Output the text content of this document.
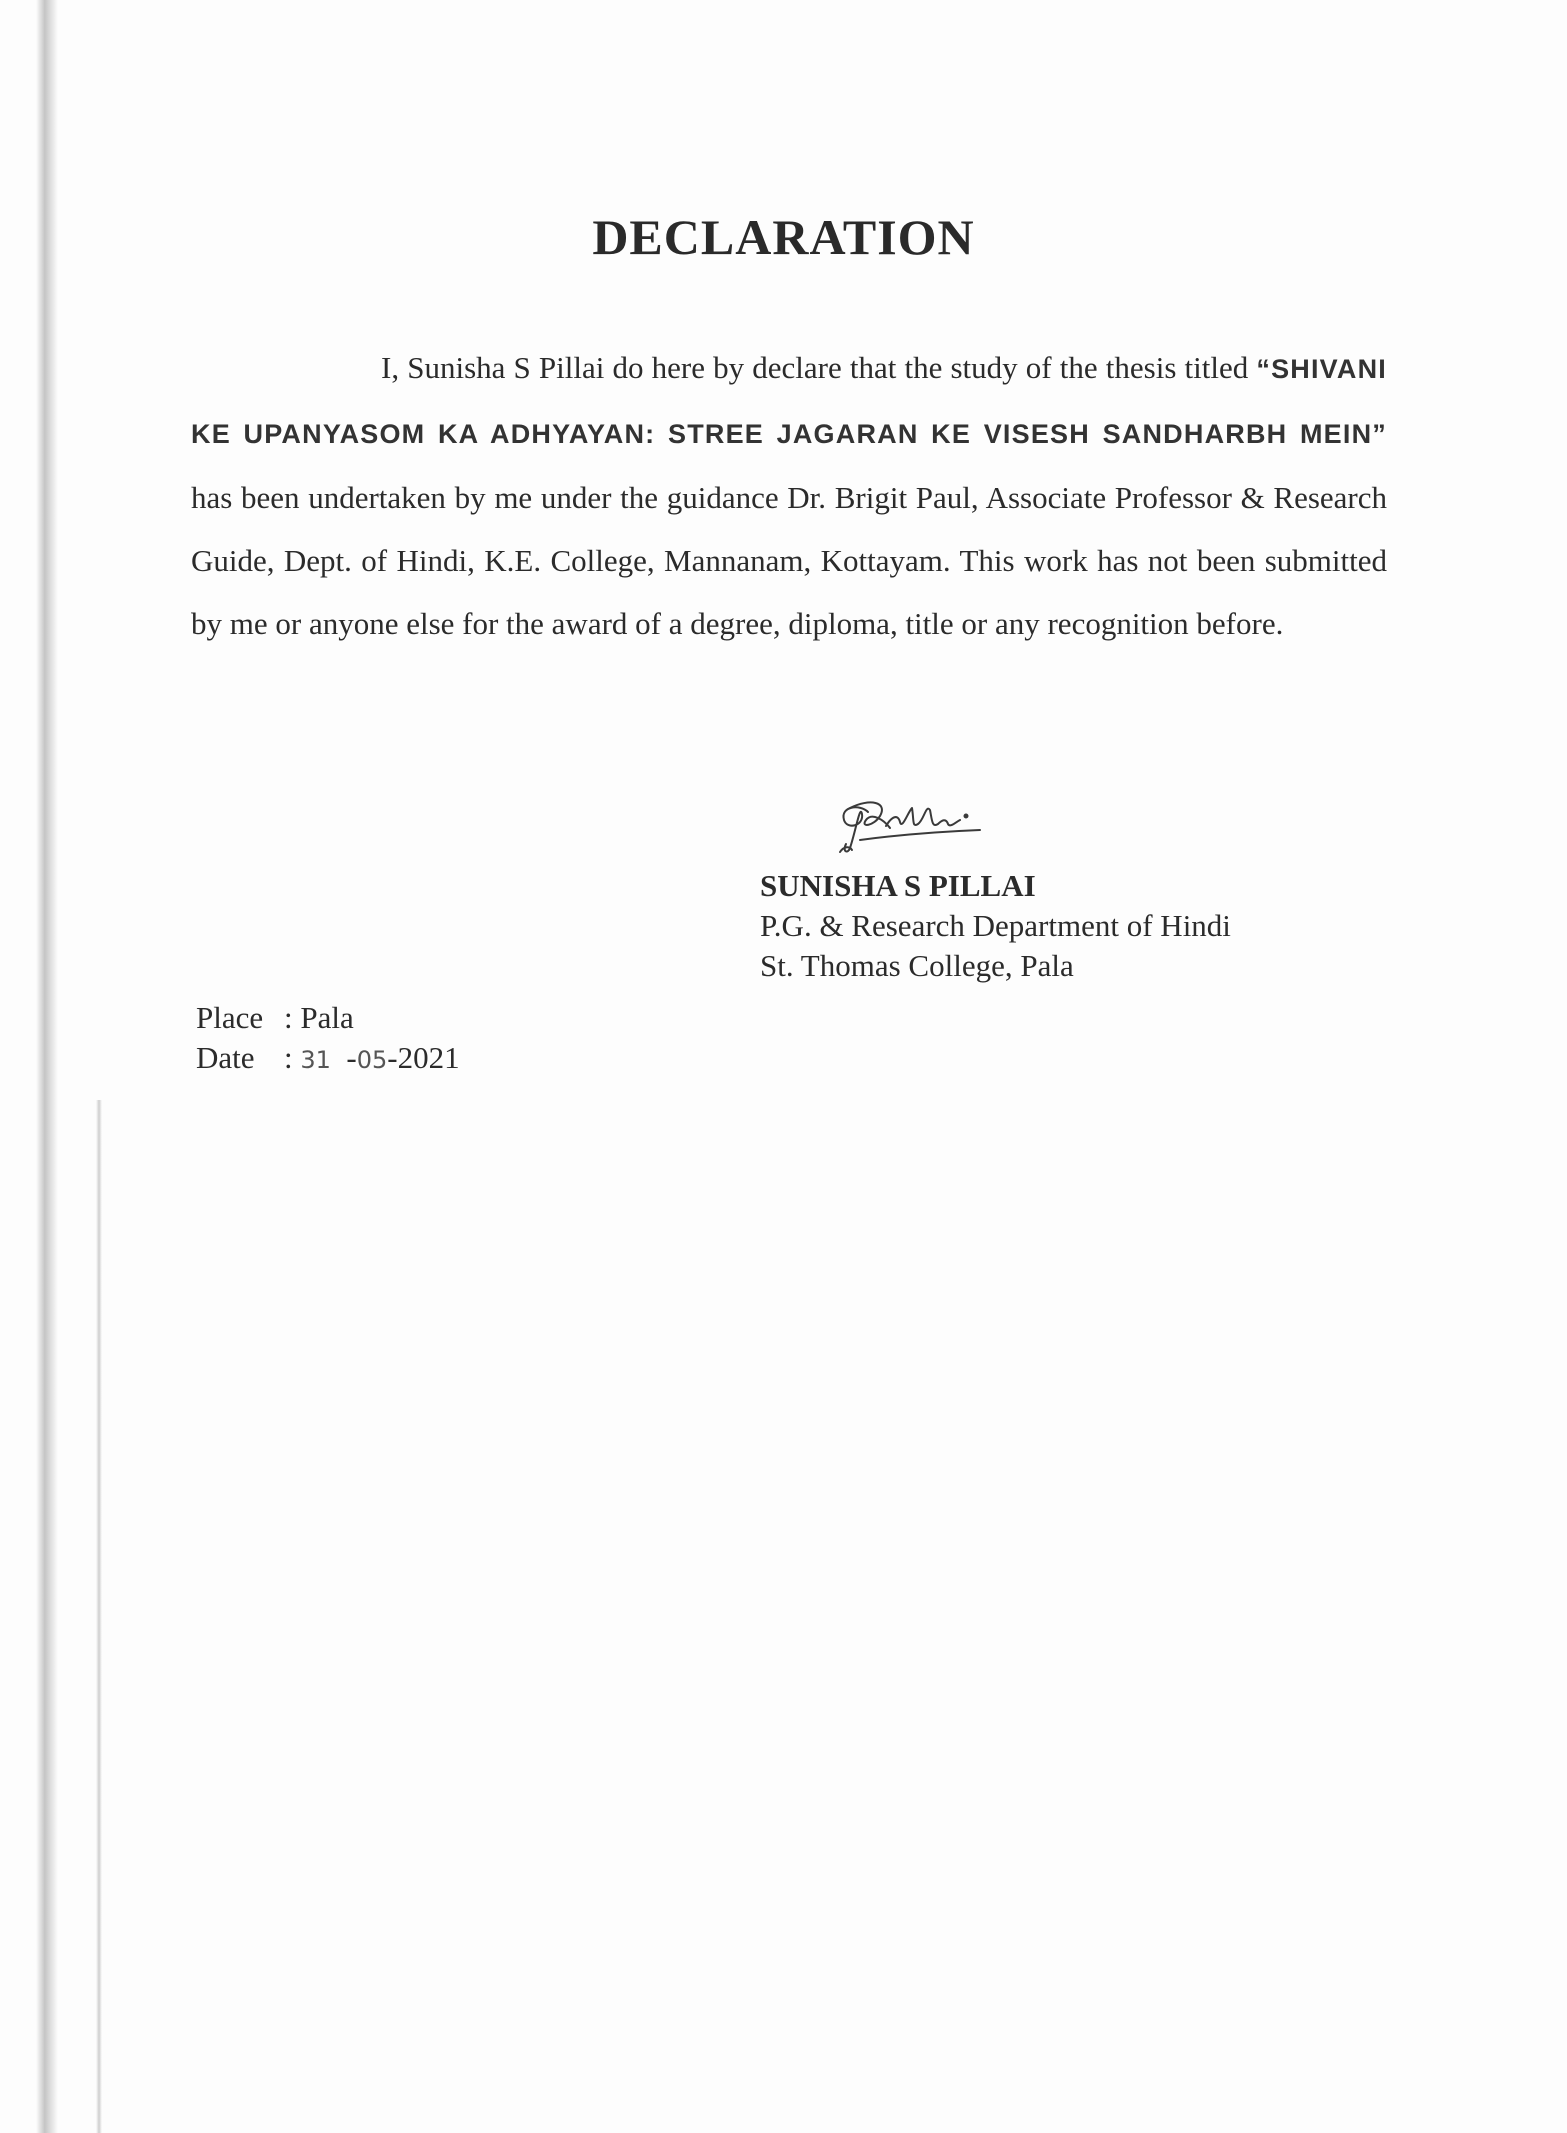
DECLARATION

I, Sunisha S Pillai do here by declare that the study of the thesis titled “SHIVANI KE UPANYASOM KA ADHYAYAN: STREE JAGARAN KE VISESH SANDHARBH MEIN” has been undertaken by me under the guidance Dr. Brigit Paul, Associate Professor & Research Guide, Dept. of Hindi, K.E. College, Mannanam, Kottayam. This work has not been submitted by me or anyone else for the award of a degree, diploma, title or any recognition before.

SUNISHA S PILLAI
P.G. & Research Department of Hindi
St. Thomas College, Pala
Place : Pala
Date : 31  -05-2021
